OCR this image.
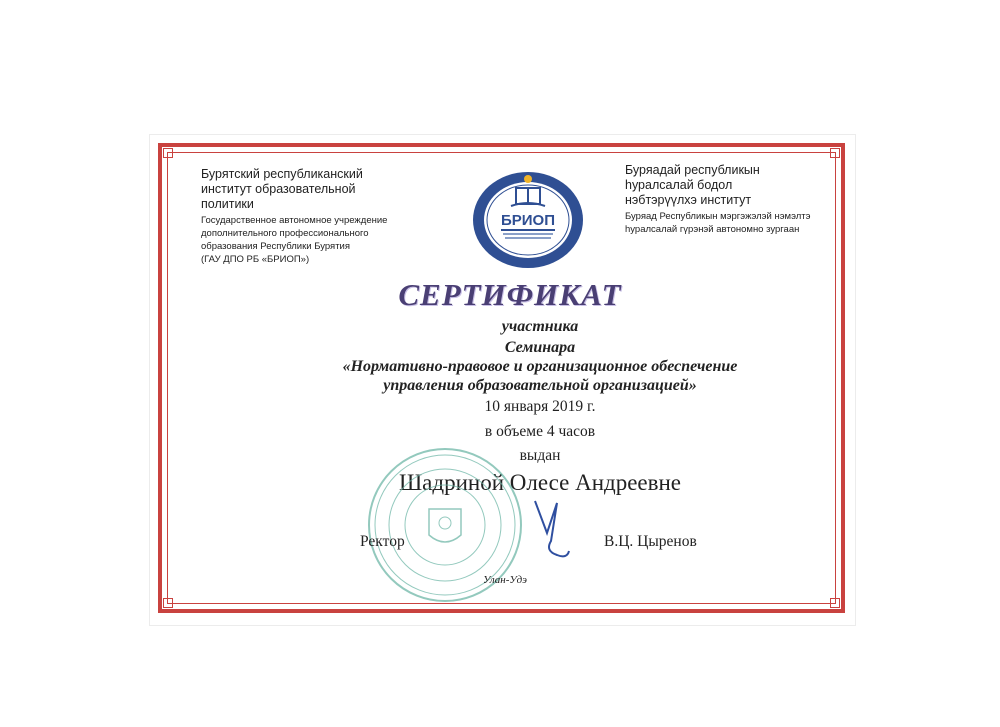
Бурятский республиканский

институт образовательной

политики

Государственное автономное учреждение

дополнительного профессионального

образования Республики Бурятия

(ГАУ ДПО РБ «БРИОП»)

Буряадай республикын

һуралсалай бодол

нэбтэрүүлхэ институт

Буряад Республикын мэргэжэлэй нэмэлтэ

һуралсалай гүрэнэй автономно зургаан

БРИОП
СЕРТИФИКАТ
участника
Семинара
«Нормативно-правовое и организационное обеспечение
управления образовательной организацией»
10 января 2019 г.
в объеме 4 часов
выдан
Шадриной Олесе Андреевне
Ректор	В.Ц. Цыренов
Улан-Удэ
